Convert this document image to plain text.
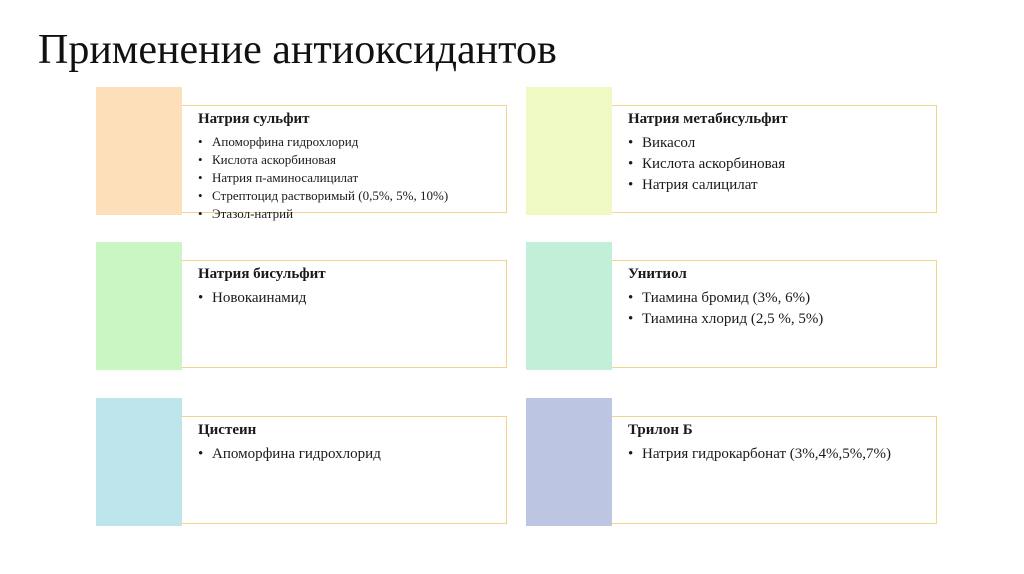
Применение антиоксидантов

Натрия сульфит

• Апоморфина гидрохлорид
• Кислота аскорбиновая
• Натрия п-аминосалицилат
• Стрептоцид растворимый (0,5%, 5%, 10%)
• Этазол-натрий

Натрия метабисульфит

• Викасол
• Кислота аскорбиновая
• Натрия салицилат

Натрия бисульфит

• Новокаинамид

Унитиол

• Тиамина бромид (3%, 6%)
• Тиамина хлорид (2,5 %, 5%)

Цистеин

• Апоморфина гидрохлорид

Трилон Б

• Натрия гидрокарбонат (3%,4%,5%,7%)
